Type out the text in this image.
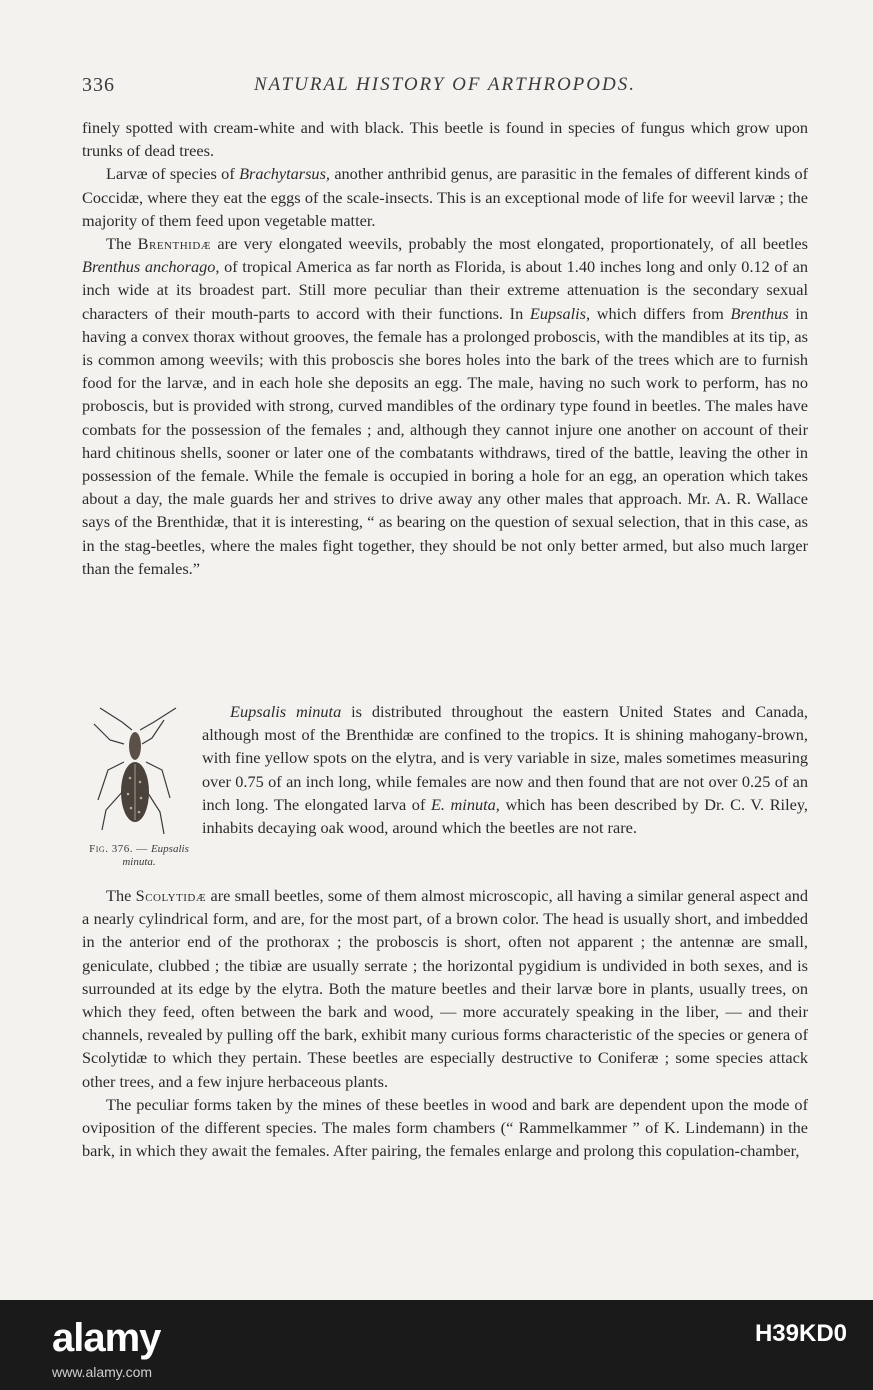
336	NATURAL HISTORY OF ARTHROPODS.

finely spotted with cream-white and with black. This beetle is found in species of fungus which grow upon trunks of dead trees.

Larvæ of species of Brachytarsus, another anthribid genus, are parasitic in the females of different kinds of Coccidæ, where they eat the eggs of the scale-insects. This is an exceptional mode of life for weevil larvæ ; the majority of them feed upon vegetable matter.

The Brenthidæ are very elongated weevils, probably the most elongated, proportionately, of all beetles Brenthus anchorago, of tropical America as far north as Florida, is about 1.40 inches long and only 0.12 of an inch wide at its broadest part. Still more peculiar than their extreme attenuation is the secondary sexual characters of their mouth-parts to accord with their functions. In Eupsalis, which differs from Brenthus in having a convex thorax without grooves, the female has a prolonged proboscis, with the mandibles at its tip, as is common among weevils; with this proboscis she bores holes into the bark of the trees which are to furnish food for the larvæ, and in each hole she deposits an egg. The male, having no such work to perform, has no proboscis, but is provided with strong, curved mandibles of the ordinary type found in beetles. The males have combats for the possession of the females ; and, although they cannot injure one another on account of their hard chitinous shells, sooner or later one of the combatants withdraws, tired of the battle, leaving the other in possession of the female. While the female is occupied in boring a hole for an egg, an operation which takes about a day, the male guards her and strives to drive away any other males that approach. Mr. A. R. Wallace says of the Brenthidæ, that it is interesting, “ as bearing on the question of sexual selection, that in this case, as in the stag-beetles, where the males fight together, they should be not only better armed, but also much larger than the females.”

Fig. 376. — Eupsalis minuta.

Eupsalis minuta is distributed throughout the eastern United States and Canada, although most of the Brenthidæ are confined to the tropics. It is shining mahogany-brown, with fine yellow spots on the elytra, and is very variable in size, males sometimes measuring over 0.75 of an inch long, while females are now and then found that are not over 0.25 of an inch long. The elongated larva of E. minuta, which has been described by Dr. C. V. Riley, inhabits decaying oak wood, around which the beetles are not rare.

The Scolytidæ are small beetles, some of them almost microscopic, all having a similar general aspect and a nearly cylindrical form, and are, for the most part, of a brown color. The head is usually short, and imbedded in the anterior end of the prothorax ; the proboscis is short, often not apparent ; the antennæ are small, geniculate, clubbed ; the tibiæ are usually serrate ; the horizontal pygidium is undivided in both sexes, and is surrounded at its edge by the elytra. Both the mature beetles and their larvæ bore in plants, usually trees, on which they feed, often between the bark and wood, — more accurately speaking in the liber, — and their channels, revealed by pulling off the bark, exhibit many curious forms characteristic of the species or genera of Scolytidæ to which they pertain. These beetles are especially destructive to Coniferæ ; some species attack other trees, and a few injure herbaceous plants.

The peculiar forms taken by the mines of these beetles in wood and bark are dependent upon the mode of oviposition of the different species. The males form chambers (“ Rammelkammer ” of K. Lindemann) in the bark, in which they await the females. After pairing, the females enlarge and prolong this copulation-chamber,

alamy	H39KD0
www.alamy.com
